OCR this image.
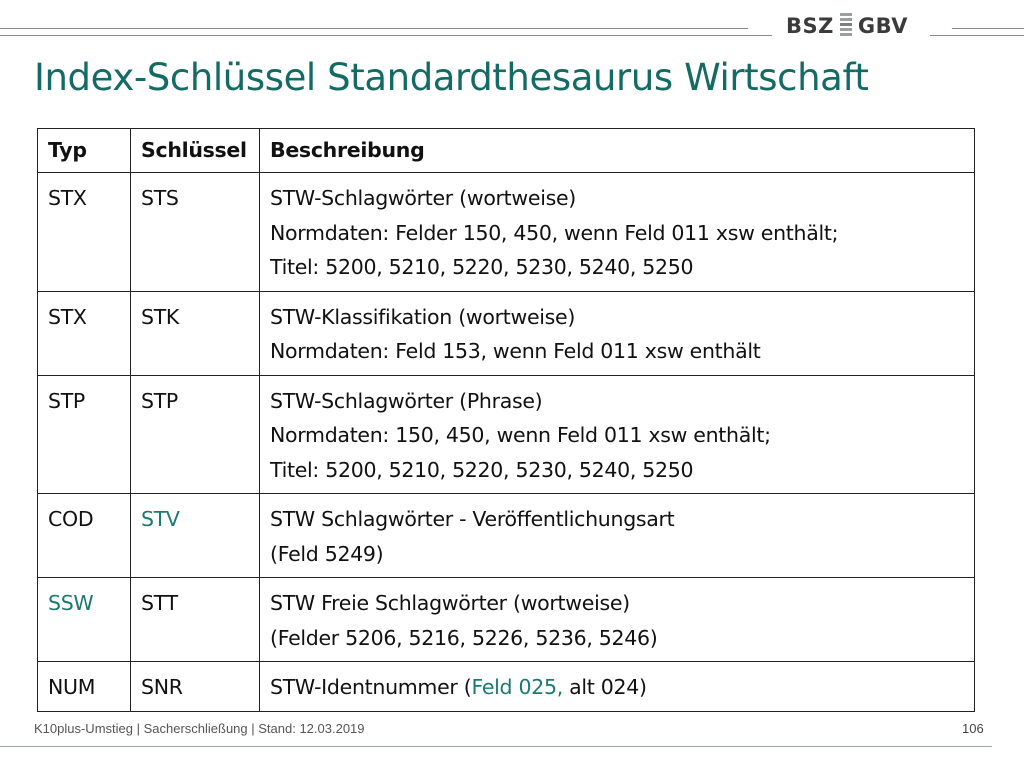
BSZ GBV
Index-Schlüssel Standardthesaurus Wirtschaft
Typ	Schlüssel	Beschreibung
STX	STS	STW-Schlagwörter (wortweise)
Normdaten: Felder 150, 450, wenn Feld 011 xsw enthält;
Titel: 5200, 5210, 5220, 5230, 5240, 5250

STX	STK	STW-Klassifikation (wortweise)
Normdaten: Feld 153, wenn Feld 011 xsw enthält

STP	STP	STW-Schlagwörter (Phrase)
Normdaten: 150, 450, wenn Feld 011 xsw enthält;
Titel: 5200, 5210, 5220, 5230, 5240, 5250

COD	STV	STW Schlagwörter - Veröffentlichungsart
(Feld 5249)

SSW	STT	STW Freie Schlagwörter (wortweise)
(Felder 5206, 5216, 5226, 5236, 5246)

NUM	SNR	STW-Identnummer (Feld 025, alt 024)
K10plus-Umstieg | Sacherschließung | Stand: 12.03.2019	106
